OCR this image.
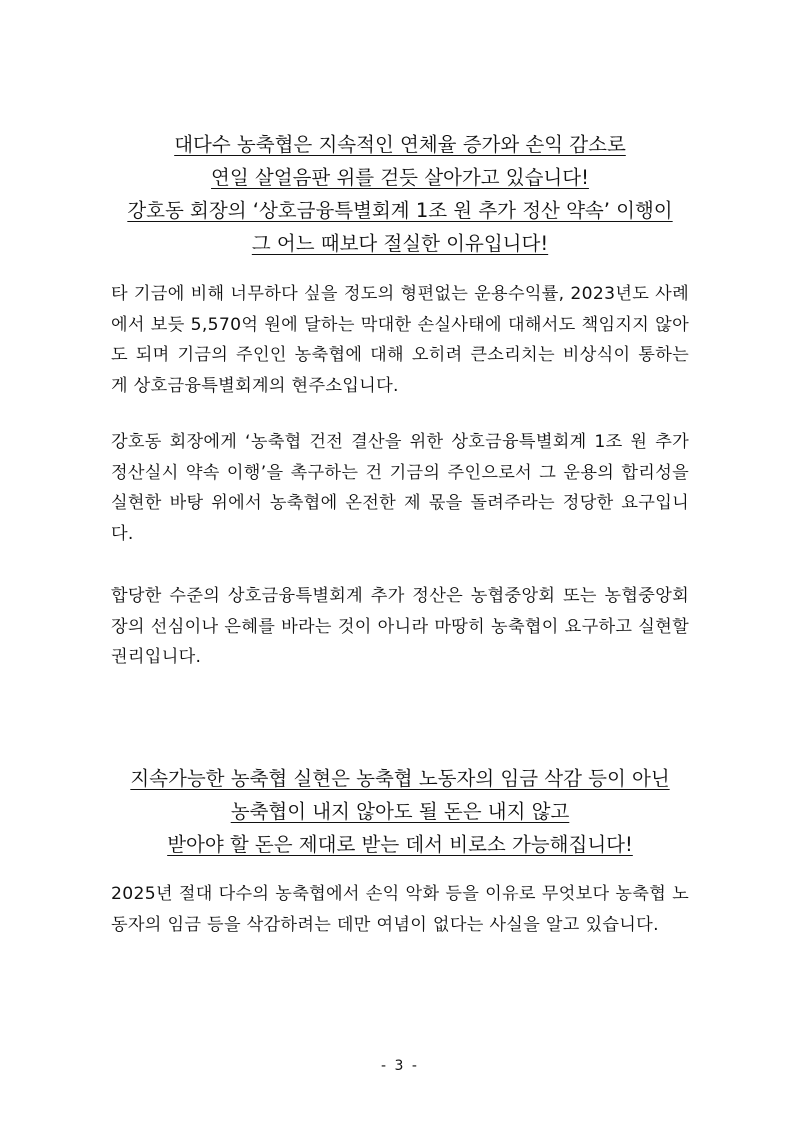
대다수 농축협은 지속적인 연체율 증가와 손익 감소로
연일 살얼음판 위를 걷듯 살아가고 있습니다!
강호동 회장의 ‘상호금융특별회계 1조 원 추가 정산 약속’ 이행이
그 어느 때보다 절실한 이유입니다!

타 기금에 비해 너무하다 싶을 정도의 형편없는 운용수익률, 2023년도 사례에서 보듯 5,570억 원에 달하는 막대한 손실사태에 대해서도 책임지지 않아도 되며 기금의 주인인 농축협에 대해 오히려 큰소리치는 비상식이 통하는 게 상호금융특별회계의 현주소입니다.

강호동 회장에게 ‘농축협 건전 결산을 위한 상호금융특별회계 1조 원 추가 정산실시 약속 이행’을 촉구하는 건 기금의 주인으로서 그 운용의 합리성을 실현한 바탕 위에서 농축협에 온전한 제 몫을 돌려주라는 정당한 요구입니다.

합당한 수준의 상호금융특별회계 추가 정산은 농협중앙회 또는 농협중앙회장의 선심이나 은혜를 바라는 것이 아니라 마땅히 농축협이 요구하고 실현할 권리입니다.

지속가능한 농축협 실현은 농축협 노동자의 임금 삭감 등이 아닌
농축협이 내지 않아도 될 돈은 내지 않고
받아야 할 돈은 제대로 받는 데서 비로소 가능해집니다!

2025년 절대 다수의 농축협에서 손익 악화 등을 이유로 무엇보다 농축협 노동자의 임금 등을 삭감하려는 데만 여념이 없다는 사실을 알고 있습니다.

- 3 -
